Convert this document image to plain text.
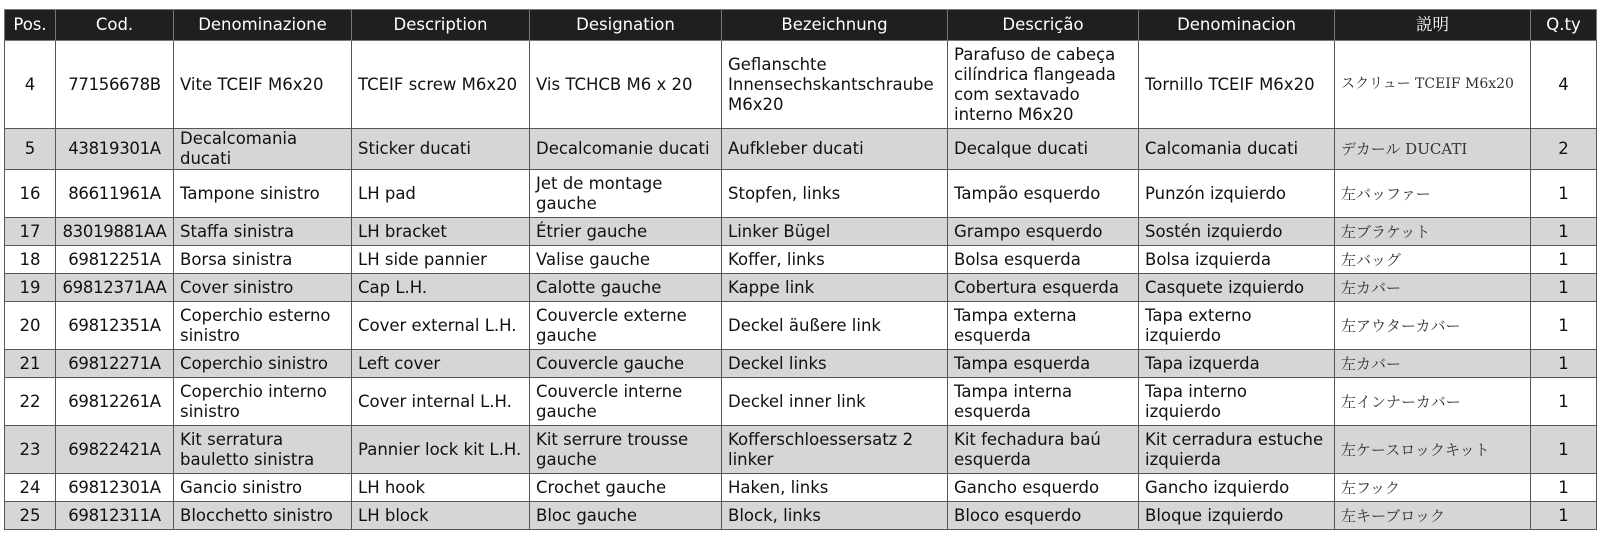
Pos.	Cod.	Denominazione	Description	Designation	Bezeichnung	Descrição	Denominacion	説明	Q.ty
4	77156678B	Vite TCEIF M6x20	TCEIF screw M6x20	Vis TCHCB M6 x 20	Geflanschte Innensechskantschraube M6x20	Parafuso de cabeça cilíndrica flangeada com sextavado interno M6x20	Tornillo TCEIF M6x20	スクリュー TCEIF M6x20	4
5	43819301A	Decalcomania ducati	Sticker ducati	Decalcomanie ducati	Aufkleber ducati	Decalque ducati	Calcomania ducati	デカール DUCATI	2
16	86611961A	Tampone sinistro	LH pad	Jet de montage gauche	Stopfen, links	Tampão esquerdo	Punzón izquierdo	左バッファー	1
17	83019881AA	Staffa sinistra	LH bracket	Étrier gauche	Linker Bügel	Grampo esquerdo	Sostén izquierdo	左ブラケット	1
18	69812251A	Borsa sinistra	LH side pannier	Valise gauche	Koffer, links	Bolsa esquerda	Bolsa izquierda	左バッグ	1
19	69812371AA	Cover sinistro	Cap L.H.	Calotte gauche	Kappe link	Cobertura esquerda	Casquete izquierdo	左カバー	1
20	69812351A	Coperchio esterno sinistro	Cover external L.H.	Couvercle externe gauche	Deckel äußere link	Tampa externa esquerda	Tapa externo izquierdo	左アウターカバー	1
21	69812271A	Coperchio sinistro	Left cover	Couvercle gauche	Deckel links	Tampa esquerda	Tapa izquerda	左カバー	1
22	69812261A	Coperchio interno sinistro	Cover internal L.H.	Couvercle interne gauche	Deckel inner link	Tampa interna esquerda	Tapa interno izquierdo	左インナーカバー	1
23	69822421A	Kit serratura bauletto sinistra	Pannier lock kit L.H.	Kit serrure trousse gauche	Kofferschloessersatz 2 linker	Kit fechadura baú esquerda	Kit cerradura estuche izquierda	左ケースロックキット	1
24	69812301A	Gancio sinistro	LH hook	Crochet gauche	Haken, links	Gancho esquerdo	Gancho izquierdo	左フック	1
25	69812311A	Blocchetto sinistro	LH block	Bloc gauche	Block, links	Bloco esquerdo	Bloque izquierdo	左キーブロック	1
